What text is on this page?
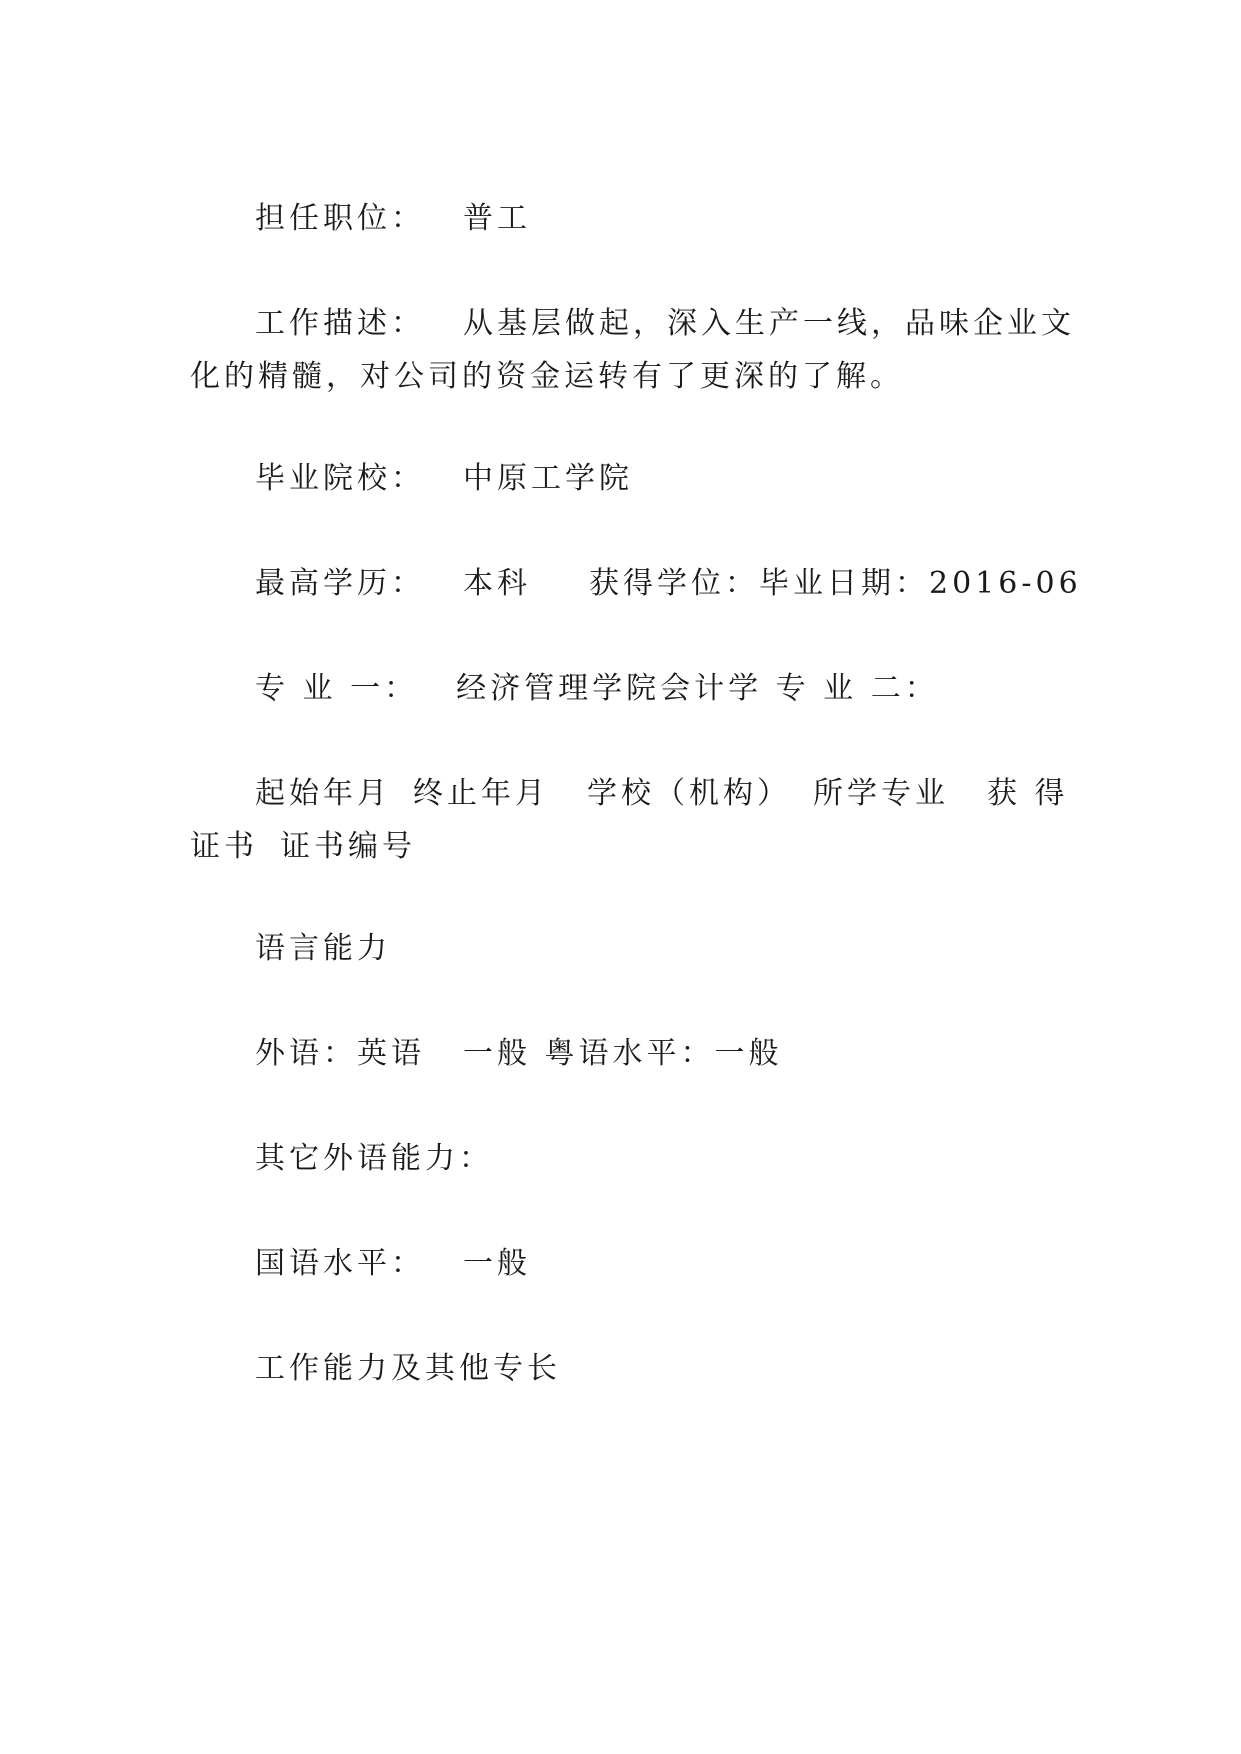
担任职位： 普工
工作描述： 从基层做起，深入生产一线，品味企业文
化的精髓，对公司的资金运转有了更深的了解。
毕业院校： 中原工学院
最高学历： 本科 获得学位：毕业日期：2016-06
专 业 一： 经济管理学院会计学 专 业 二：
起始年月 终止年月 学校（机构） 所学专业 获 得
证书 证书编号
语言能力
外语：英语 一般 粤语水平：一般
其它外语能力：
国语水平： 一般
工作能力及其他专长
